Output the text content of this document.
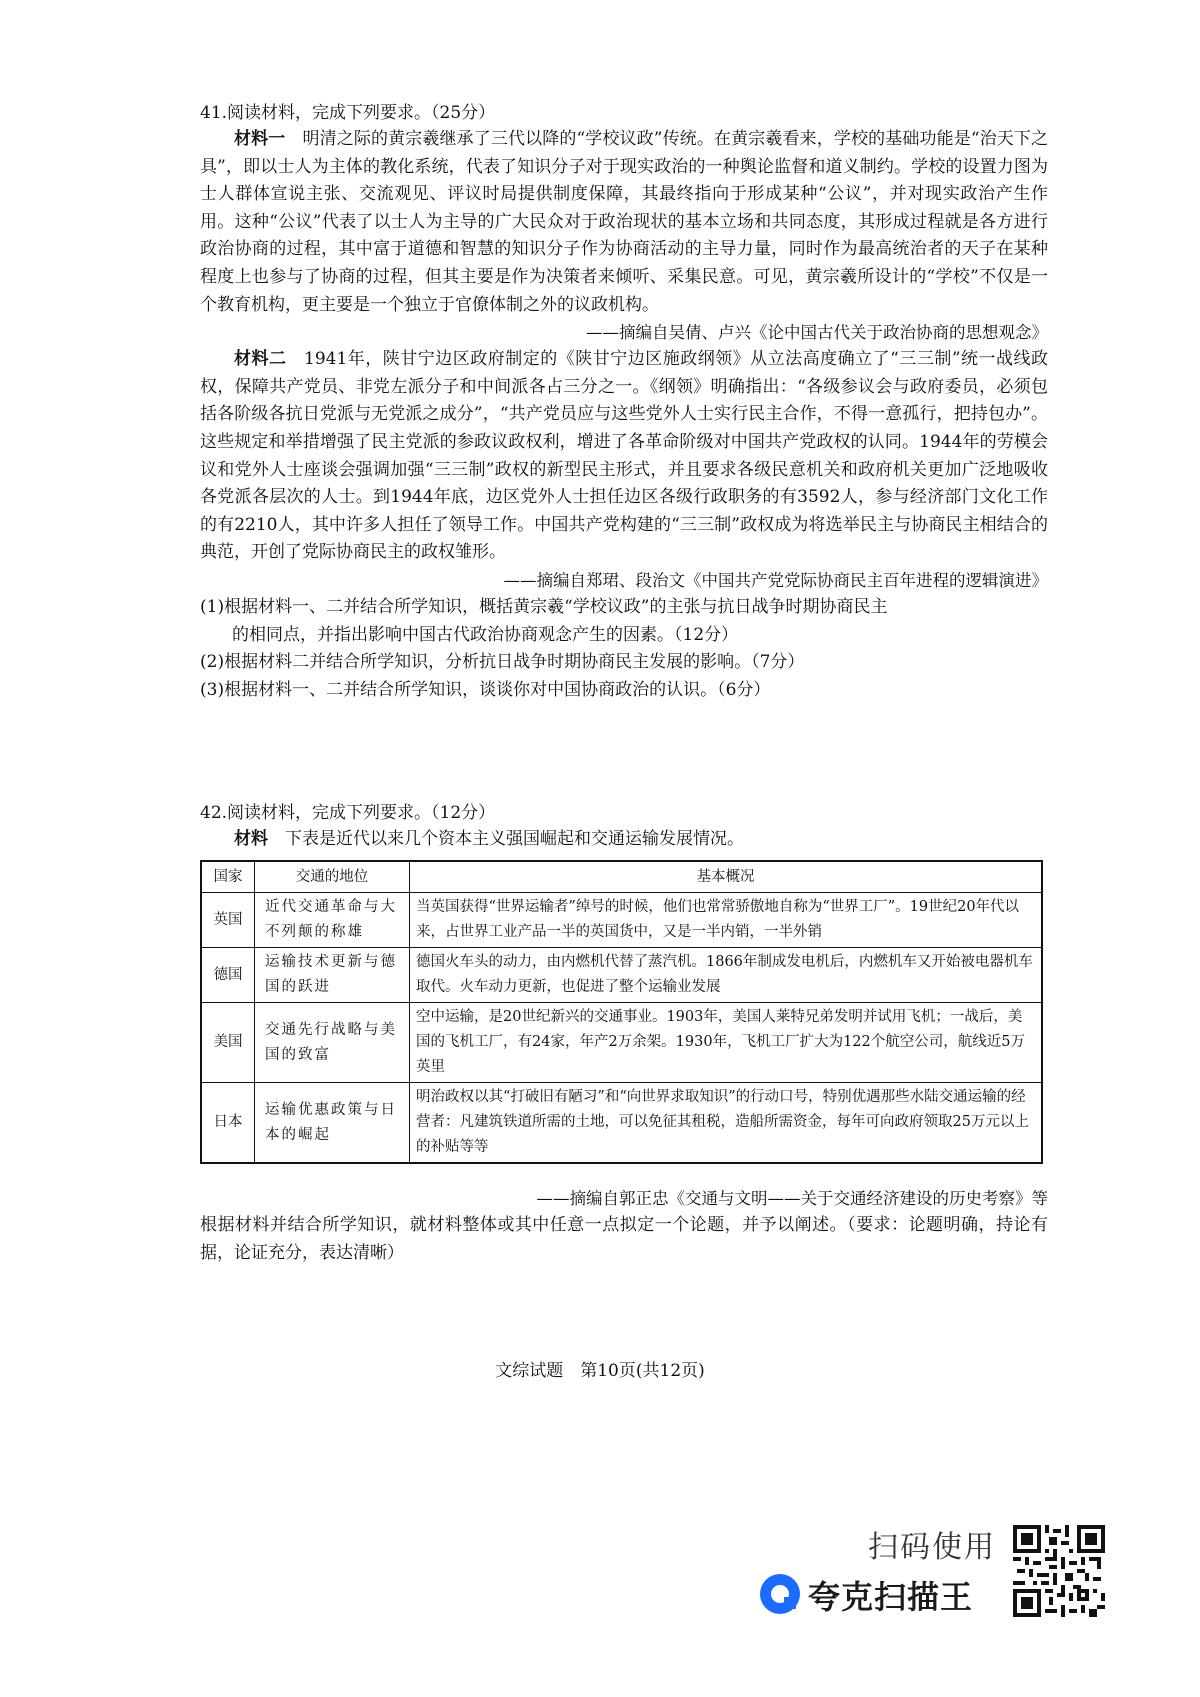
41.阅读材料，完成下列要求。（25分）

材料一　 明清之际的黄宗羲继承了三代以降的“学校议政”传统。在黄宗羲看来，学校的基础功能是“治天下之具”，即以士人为主体的教化系统，代表了知识分子对于现实政治的一种舆论监督和道义制约。学校的设置力图为士人群体宣说主张、交流观见、评议时局提供制度保障，其最终指向于形成某种“公议”，并对现实政治产生作用。这种“公议”代表了以士人为主导的广大民众对于政治现状的基本立场和共同态度，其形成过程就是各方进行政治协商的过程，其中富于道德和智慧的知识分子作为协商活动的主导力量，同时作为最高统治者的天子在某种程度上也参与了协商的过程，但其主要是作为决策者来倾听、采集民意。可见，黄宗羲所设计的“学校”不仅是一个教育机构，更主要是一个独立于官僚体制之外的议政机构。

——摘编自吴倩、卢兴《论中国古代关于政治协商的思想观念》

材料二　 1941年，陕甘宁边区政府制定的《陕甘宁边区施政纲领》从立法高度确立了“三三制”统一战线政权，保障共产党员、非党左派分子和中间派各占三分之一。《纲领》明确指出：“各级参议会与政府委员，必须包括各阶级各抗日党派与无党派之成分”，“共产党员应与这些党外人士实行民主合作，不得一意孤行，把持包办”。这些规定和举措增强了民主党派的参政议政权利，增进了各革命阶级对中国共产党政权的认同。1944年的劳模会议和党外人士座谈会强调加强“三三制”政权的新型民主形式，并且要求各级民意机关和政府机关更加广泛地吸收各党派各层次的人士。到1944年底，边区党外人士担任边区各级行政职务的有3592人，参与经济部门文化工作的有2210人，其中许多人担任了领导工作。中国共产党构建的“三三制”政权成为将选举民主与协商民主相结合的典范，开创了党际协商民主的政权雏形。

——摘编自郑珺、段治文《中国共产党党际协商民主百年进程的逻辑演进》

(1)根据材料一、二并结合所学知识，概括黄宗羲“学校议政”的主张与抗日战争时期协商民主

的相同点，并指出影响中国古代政治协商观念产生的因素。（12分）

(2)根据材料二并结合所学知识，分析抗日战争时期协商民主发展的影响。（7分）

(3)根据材料一、二并结合所学知识，谈谈你对中国协商政治的认识。（6分）

42.阅读材料，完成下列要求。（12分）

材料　 下表是近代以来几个资本主义强国崛起和交通运输发展情况。

国家	交通的地位	基本概况
英国	近代交通革命与大不列颠的称雄	当英国获得“世界运输者”绰号的时候，他们也常常骄傲地自称为“世界工厂”。19世纪20年代以来，占世界工业产品一半的英国货中，又是一半内销，一半外销
德国	运输技术更新与德国的跃进	德国火车头的动力，由内燃机代替了蒸汽机。1866年制成发电机后，内燃机车又开始被电器机车取代。火车动力更新，也促进了整个运输业发展
美国	交通先行战略与美国的致富	空中运输，是20世纪新兴的交通事业。1903年，美国人莱特兄弟发明并试用飞机；一战后，美国的飞机工厂，有24家，年产2万余架。1930年，飞机工厂扩大为122个航空公司，航线近5万英里
日本	运输优惠政策与日本的崛起	明治政权以其“打破旧有陋习”和“向世界求取知识”的行动口号，特别优遇那些水陆交通运输的经营者：凡建筑铁道所需的土地，可以免征其租税，造船所需资金，每年可向政府领取25万元以上的补贴等等

——摘编自郭正忠《交通与文明——关于交通经济建设的历史考察》等

根据材料并结合所学知识，就材料整体或其中任意一点拟定一个论题，并予以阐述。（要求：论题明确，持论有据，论证充分，表达清晰）

文综试题　第10页(共12页)
扫码使用
夸克扫描王
